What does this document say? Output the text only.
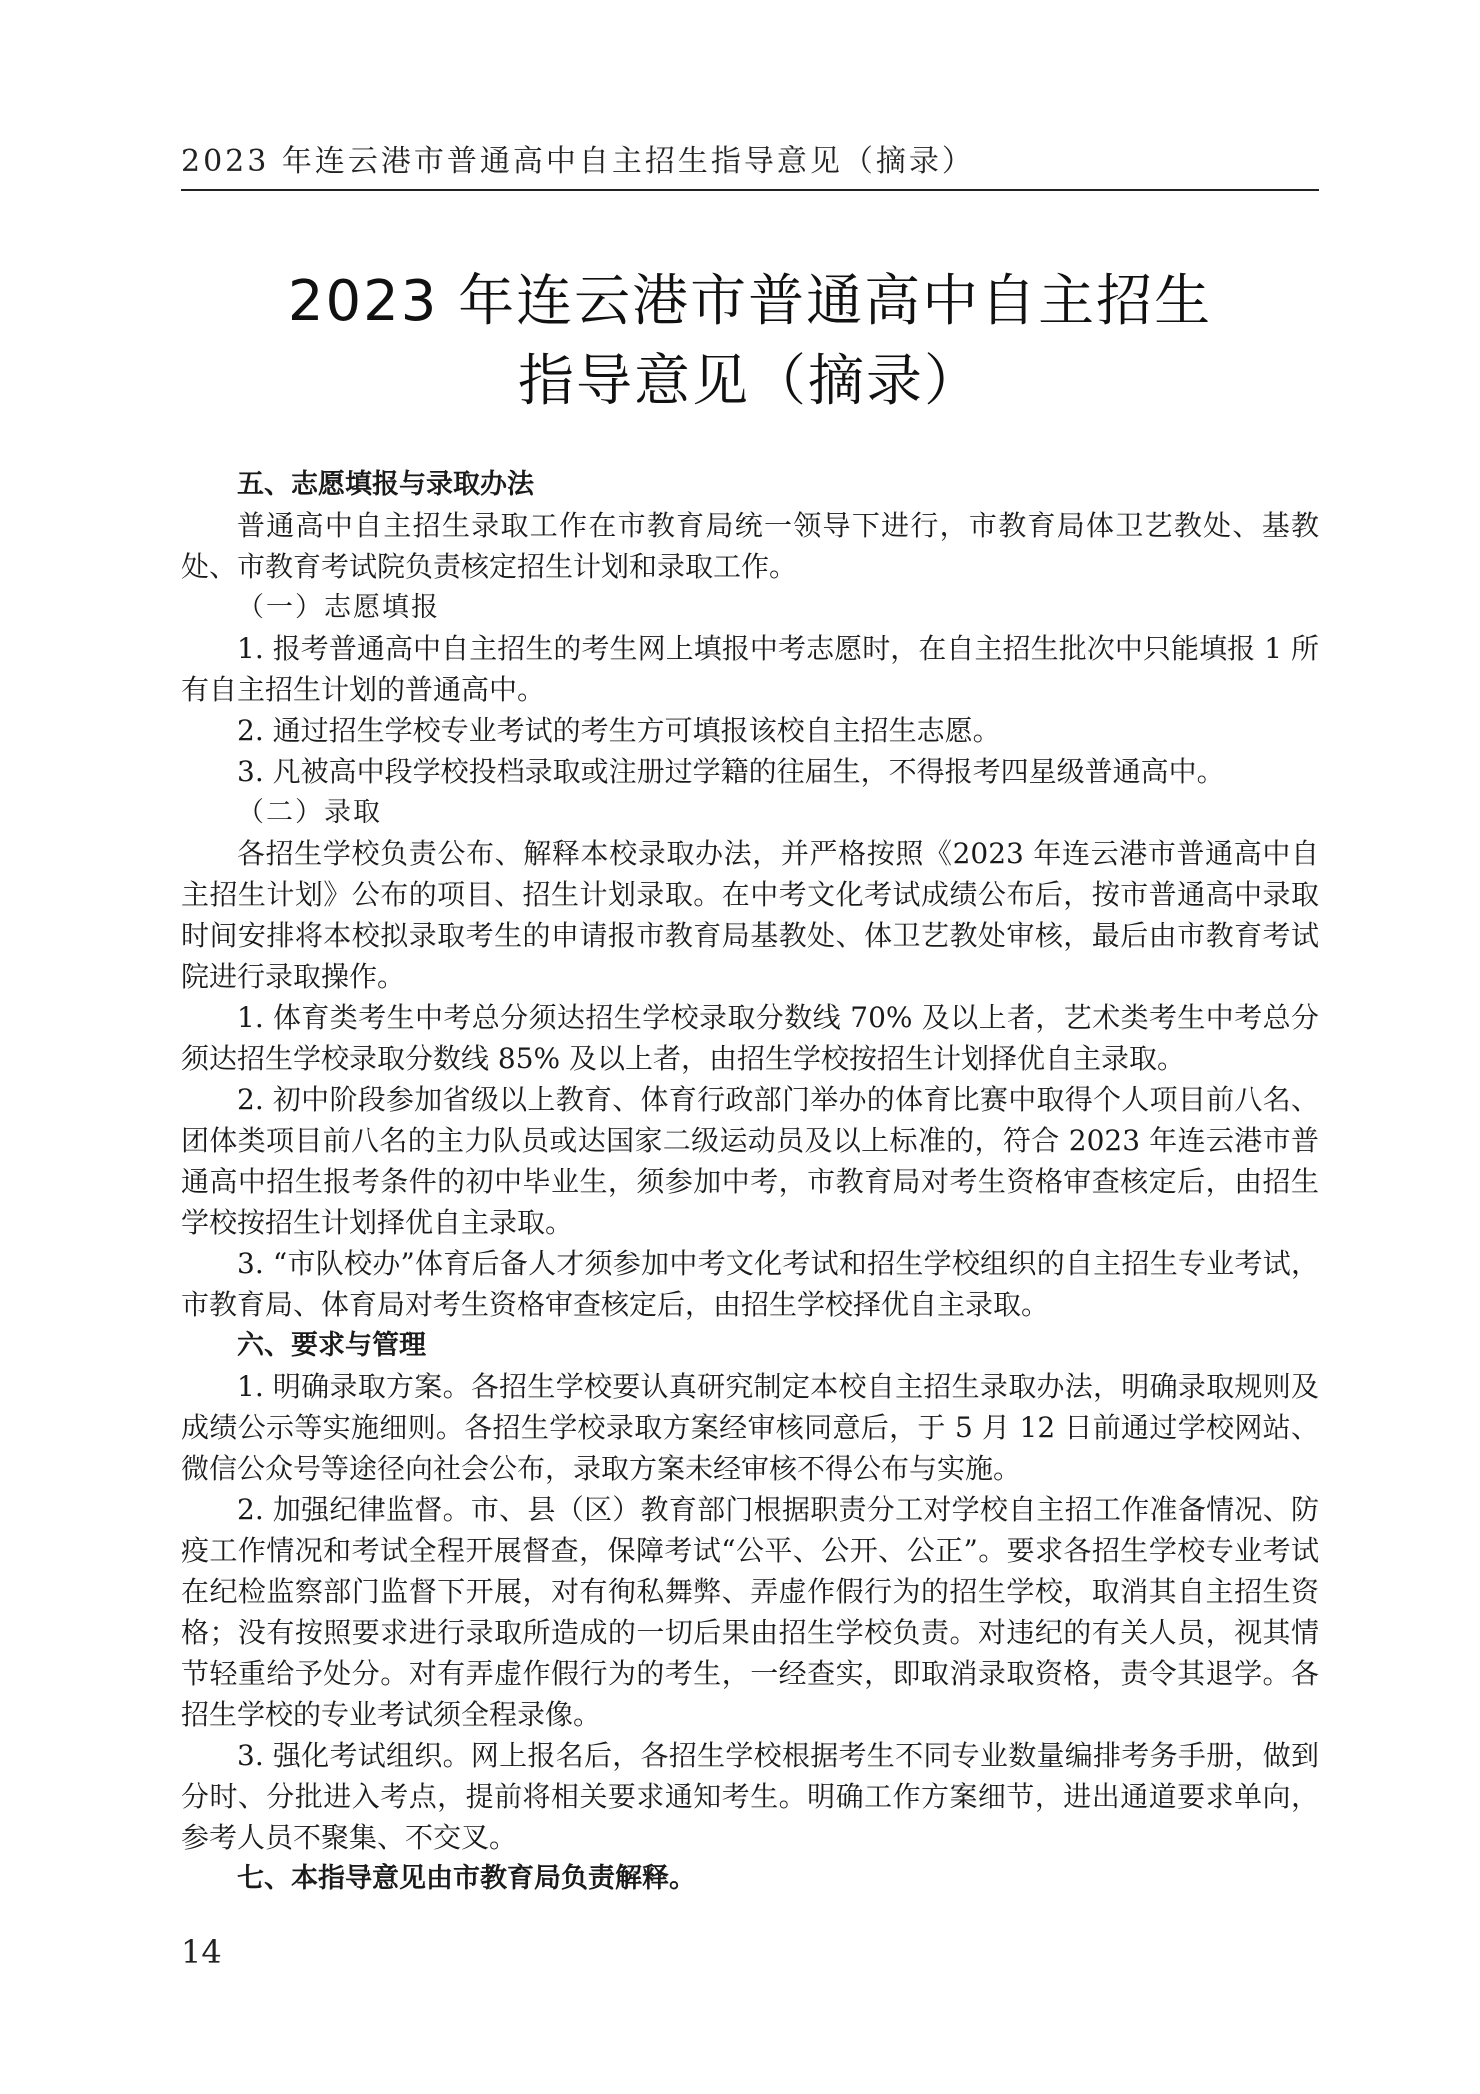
2023 年连云港市普通高中自主招生指导意见（摘录）
2023 年连云港市普通高中自主招生
指导意见（摘录）

五、志愿填报与录取办法

普通高中自主招生录取工作在市教育局统一领导下进行，市教育局体卫艺教处、基教处、市教育考试院负责核定招生计划和录取工作。

（一）志愿填报

1. 报考普通高中自主招生的考生网上填报中考志愿时，在自主招生批次中只能填报 1 所有自主招生计划的普通高中。

2. 通过招生学校专业考试的考生方可填报该校自主招生志愿。

3. 凡被高中段学校投档录取或注册过学籍的往届生，不得报考四星级普通高中。

（二）录取

各招生学校负责公布、解释本校录取办法，并严格按照《2023 年连云港市普通高中自主招生计划》公布的项目、招生计划录取。在中考文化考试成绩公布后，按市普通高中录取时间安排将本校拟录取考生的申请报市教育局基教处、体卫艺教处审核，最后由市教育考试院进行录取操作。

1. 体育类考生中考总分须达招生学校录取分数线 70% 及以上者，艺术类考生中考总分须达招生学校录取分数线 85% 及以上者，由招生学校按招生计划择优自主录取。

2. 初中阶段参加省级以上教育、体育行政部门举办的体育比赛中取得个人项目前八名、团体类项目前八名的主力队员或达国家二级运动员及以上标准的，符合 2023 年连云港市普通高中招生报考条件的初中毕业生，须参加中考，市教育局对考生资格审查核定后，由招生学校按招生计划择优自主录取。

3. “市队校办”体育后备人才须参加中考文化考试和招生学校组织的自主招生专业考试，市教育局、体育局对考生资格审查核定后，由招生学校择优自主录取。

六、要求与管理

1. 明确录取方案。各招生学校要认真研究制定本校自主招生录取办法，明确录取规则及成绩公示等实施细则。各招生学校录取方案经审核同意后，于 5 月 12 日前通过学校网站、微信公众号等途径向社会公布，录取方案未经审核不得公布与实施。

2. 加强纪律监督。市、县（区）教育部门根据职责分工对学校自主招工作准备情况、防疫工作情况和考试全程开展督查，保障考试“公平、公开、公正”。要求各招生学校专业考试在纪检监察部门监督下开展，对有徇私舞弊、弄虚作假行为的招生学校，取消其自主招生资格；没有按照要求进行录取所造成的一切后果由招生学校负责。对违纪的有关人员，视其情节轻重给予处分。对有弄虚作假行为的考生，一经查实，即取消录取资格，责令其退学。各招生学校的专业考试须全程录像。

3. 强化考试组织。网上报名后，各招生学校根据考生不同专业数量编排考务手册，做到分时、分批进入考点，提前将相关要求通知考生。明确工作方案细节，进出通道要求单向，参考人员不聚集、不交叉。

七、本指导意见由市教育局负责解释。

14
